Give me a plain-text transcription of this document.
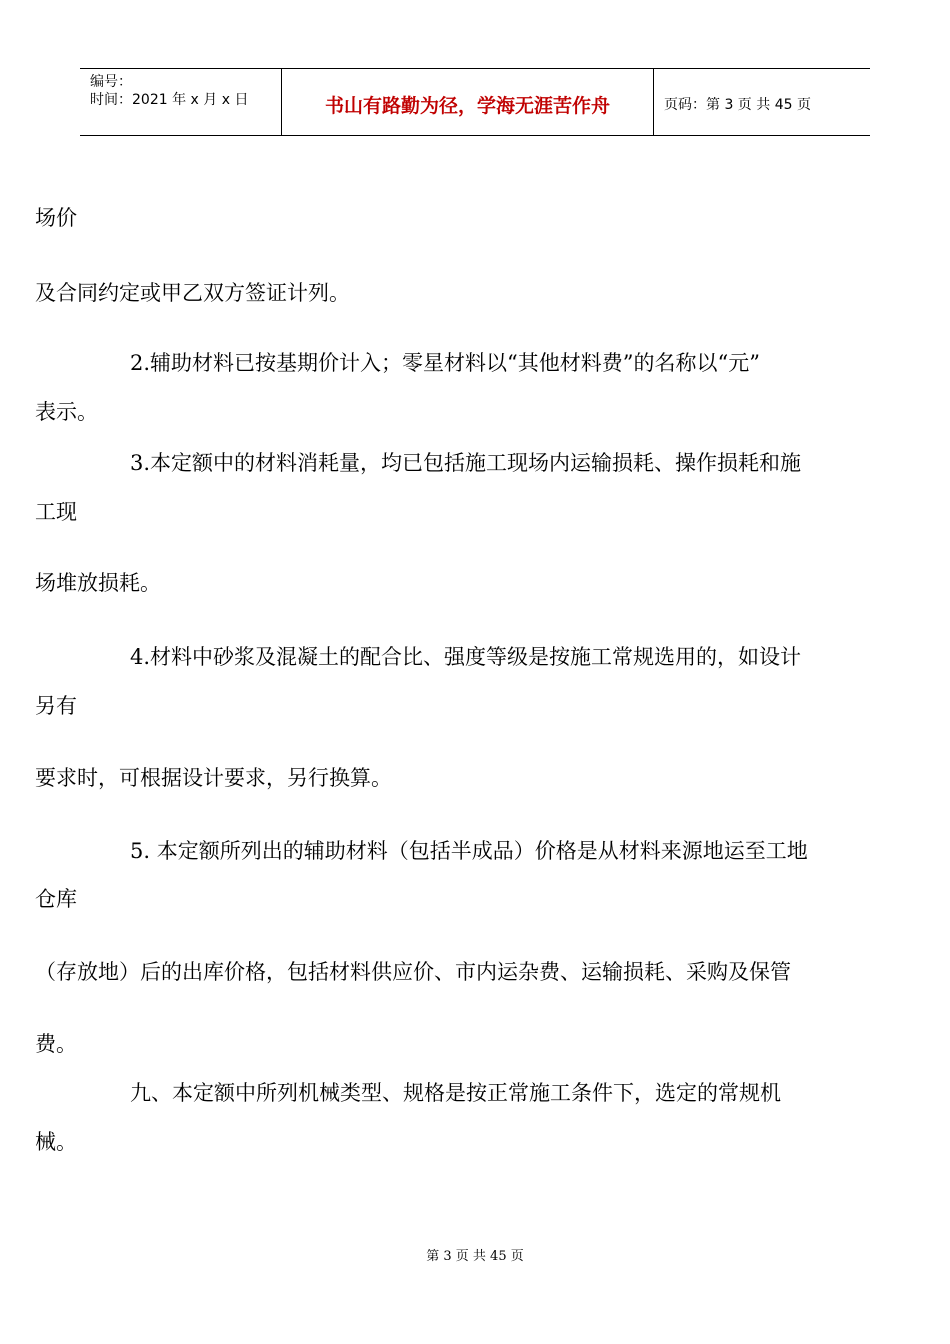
编号：
时间：2021 年 x 月 x 日	书山有路勤为径，学海无涯苦作舟	页码：第 3 页 共 45 页
场价
及合同约定或甲乙双方签证计列。
2.辅助材料已按基期价计入；零星材料以“其他材料费”的名称以“元”
表示。
3.本定额中的材料消耗量，均已包括施工现场内运输损耗、操作损耗和施
工现
场堆放损耗。
4.材料中砂浆及混凝土的配合比、强度等级是按施工常规选用的，如设计
另有
要求时，可根据设计要求，另行换算。
5. 本定额所列出的辅助材料（包括半成品）价格是从材料来源地运至工地
仓库
（存放地）后的出库价格，包括材料供应价、市内运杂费、运输损耗、采购及保管
费。
九、本定额中所列机械类型、规格是按正常施工条件下，选定的常规机
械。
第 3 页 共 45 页
